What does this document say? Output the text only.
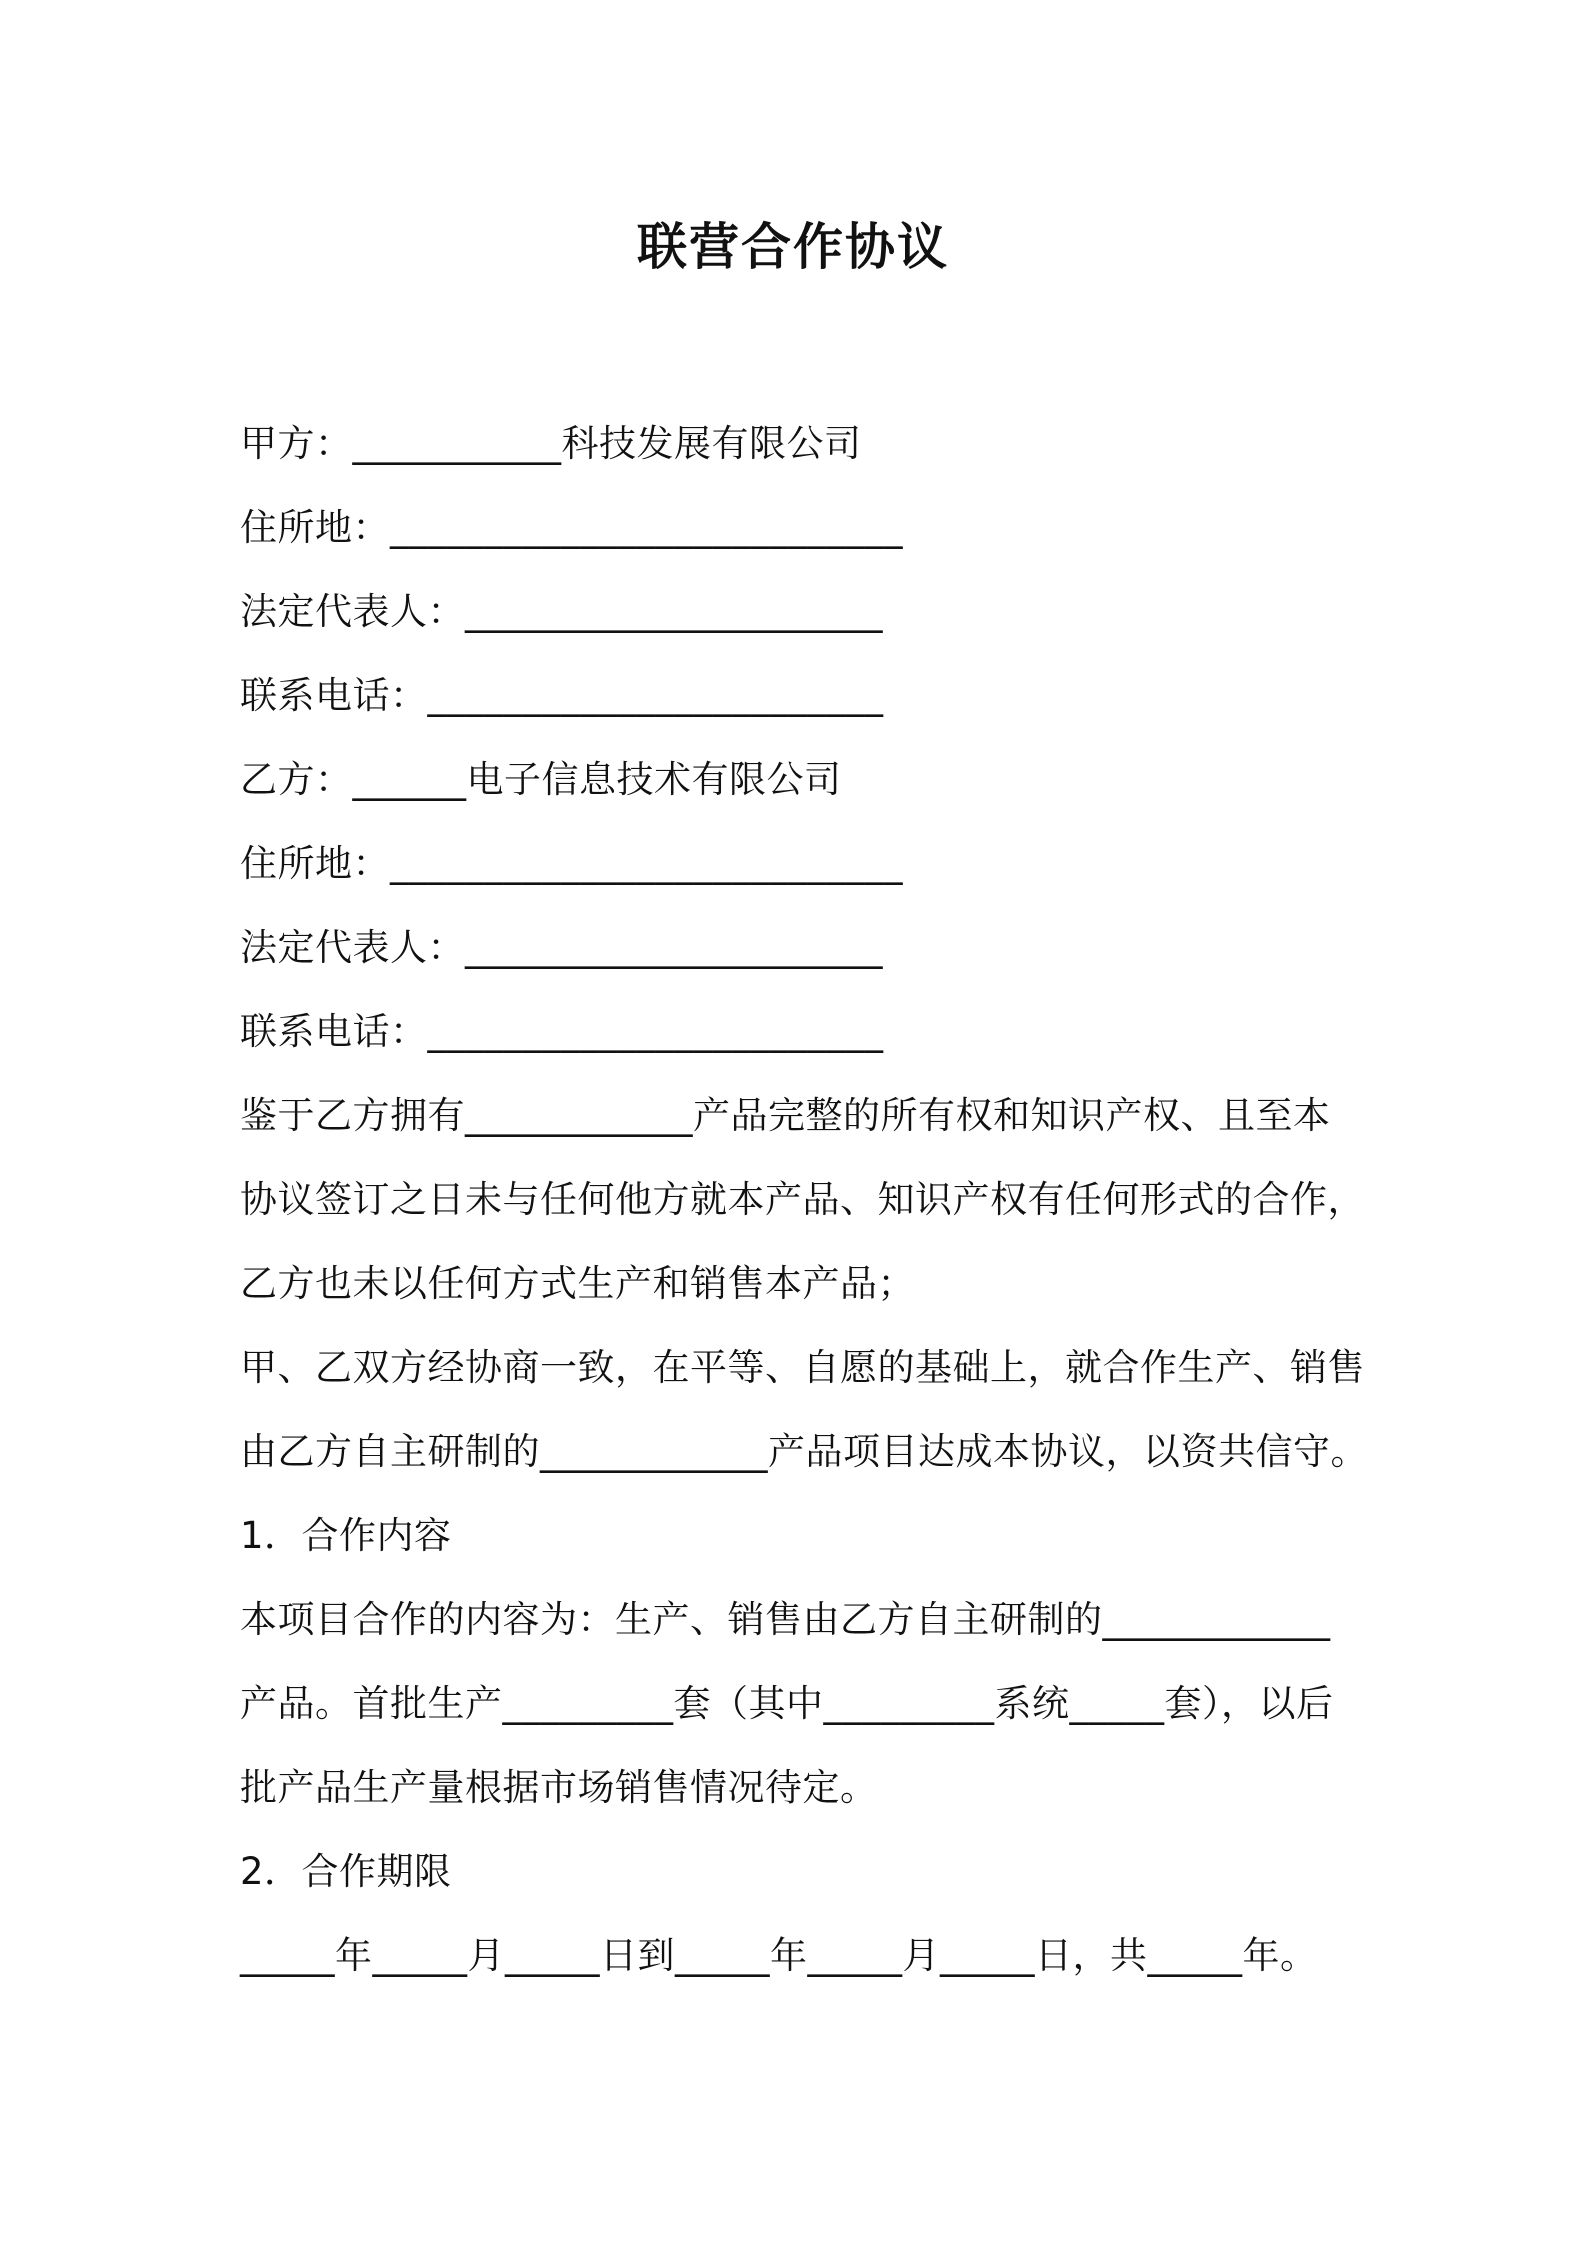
联营合作协议
甲方：___________科技发展有限公司
住所地：___________________________
法定代表人：______________________
联系电话：________________________
乙方：______电子信息技术有限公司
住所地：___________________________
法定代表人：______________________
联系电话：________________________
鉴于乙方拥有____________产品完整的所有权和知识产权、且至本
协议签订之日未与任何他方就本产品、知识产权有任何形式的合作，
乙方也未以任何方式生产和销售本产品；
甲、乙双方经协商一致，在平等、自愿的基础上，就合作生产、销售
由乙方自主研制的____________产品项目达成本协议，以资共信守。
1．合作内容
本项目合作的内容为：生产、销售由乙方自主研制的____________
产品。首批生产_________套（其中_________系统_____套），以后
批产品生产量根据市场销售情况待定。
2．合作期限
_____年_____月_____日到_____年_____月_____日，共_____年。
